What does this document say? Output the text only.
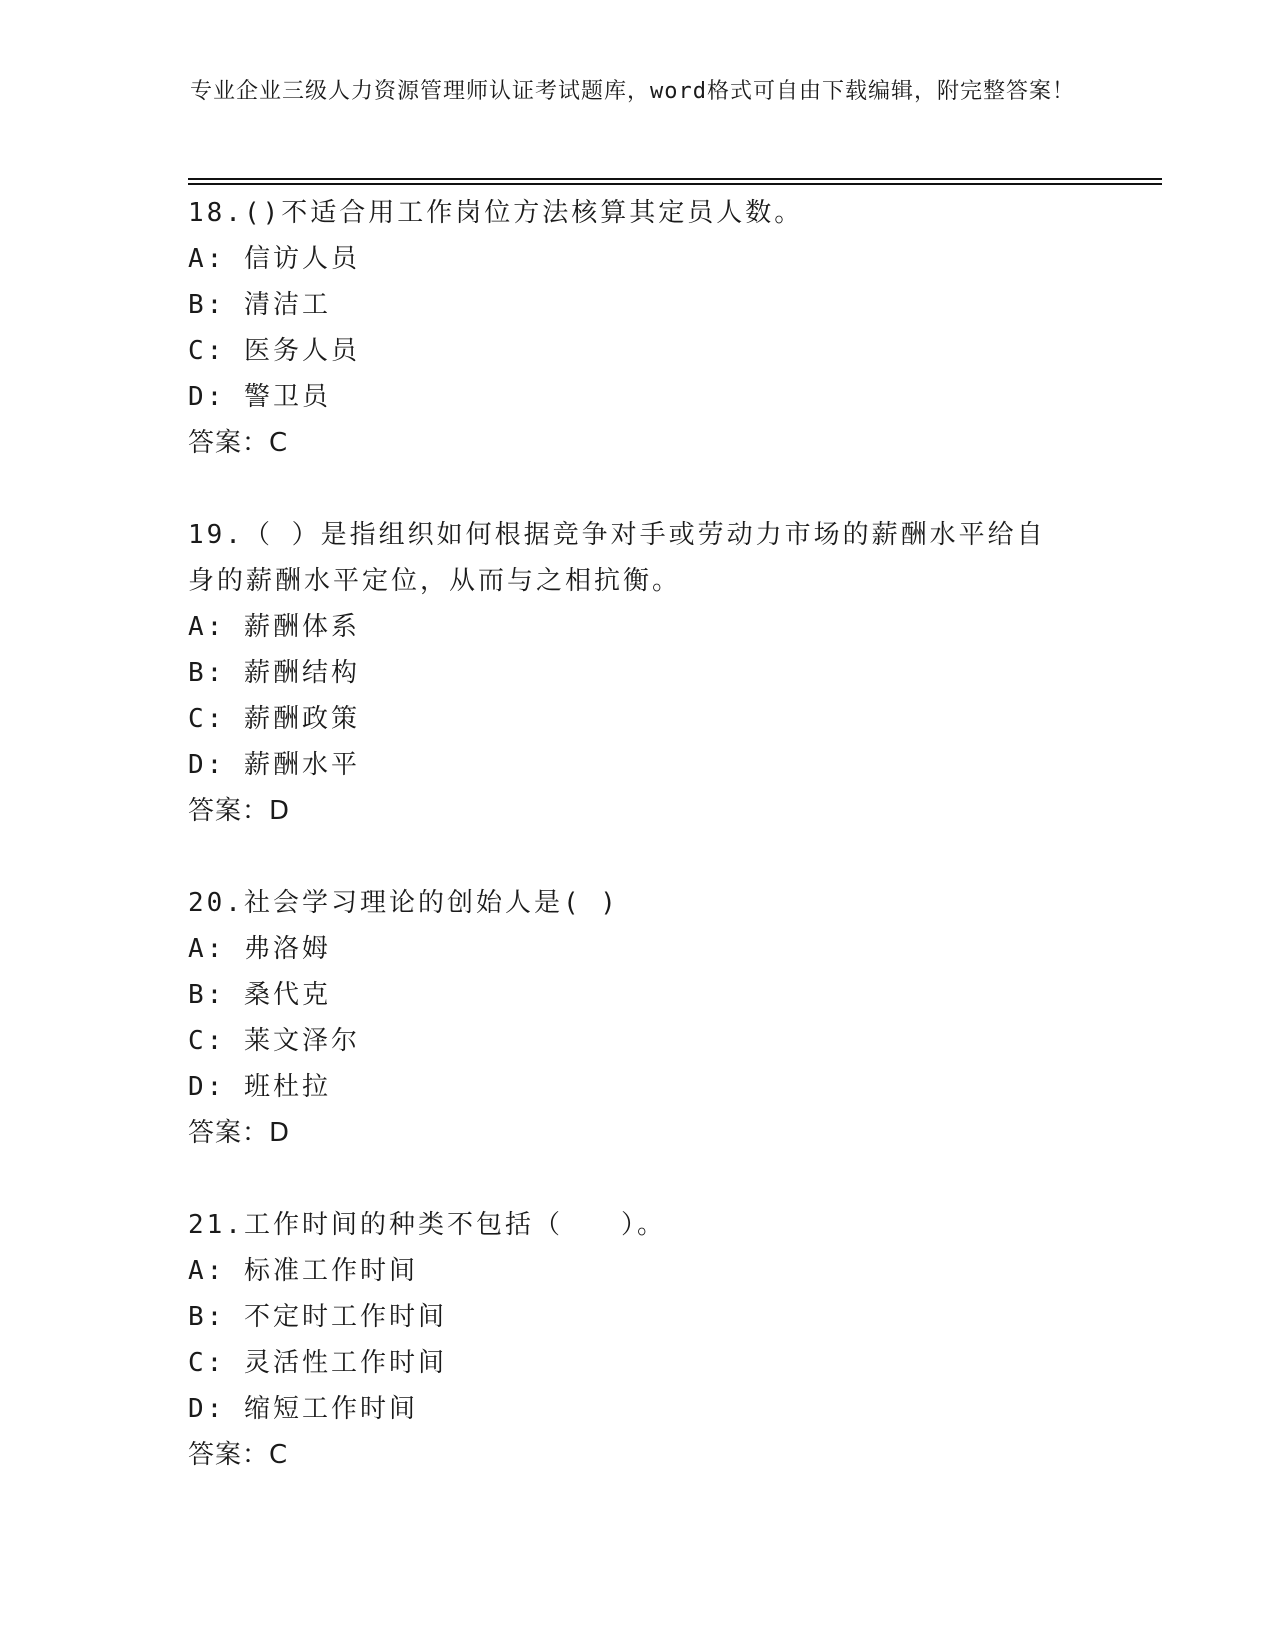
专业企业三级人力资源管理师认证考试题库，word格式可自由下载编辑，附完整答案！
18.()不适合用工作岗位方法核算其定员人数。
A: 信访人员
B: 清洁工
C: 医务人员
D: 警卫员
答案：C
19.（ ）是指组织如何根据竞争对手或劳动力市场的薪酬水平给自身的薪酬水平定位，从而与之相抗衡。
A: 薪酬体系
B: 薪酬结构
C: 薪酬政策
D: 薪酬水平
答案：D
20.社会学习理论的创始人是( )
A: 弗洛姆
B: 桑代克
C: 莱文泽尔
D: 班杜拉
答案：D
21.工作时间的种类不包括（　　）。
A: 标准工作时间
B: 不定时工作时间
C: 灵活性工作时间
D: 缩短工作时间
答案：C
